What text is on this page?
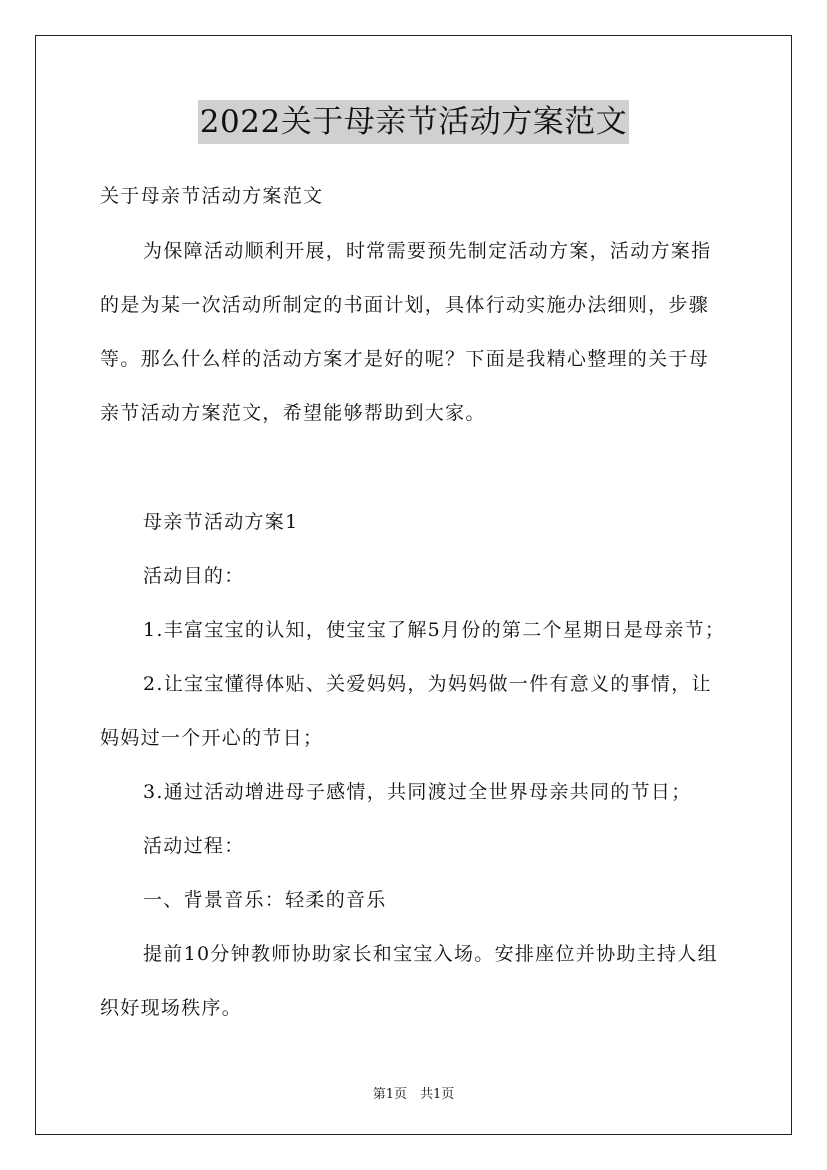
2022关于母亲节活动方案范文
关于母亲节活动方案范文
为保障活动顺利开展，时常需要预先制定活动方案，活动方案指
的是为某一次活动所制定的书面计划，具体行动实施办法细则，步骤
等。那么什么样的活动方案才是好的呢？下面是我精心整理的关于母
亲节活动方案范文，希望能够帮助到大家。
母亲节活动方案1
活动目的：
1.丰富宝宝的认知，使宝宝了解5月份的第二个星期日是母亲节；
2.让宝宝懂得体贴、关爱妈妈，为妈妈做一件有意义的事情，让
妈妈过一个开心的节日；
3.通过活动增进母子感情，共同渡过全世界母亲共同的节日；
活动过程：
一、背景音乐：轻柔的音乐
提前10分钟教师协助家长和宝宝入场。安排座位并协助主持人组
织好现场秩序。
第1页　共1页
